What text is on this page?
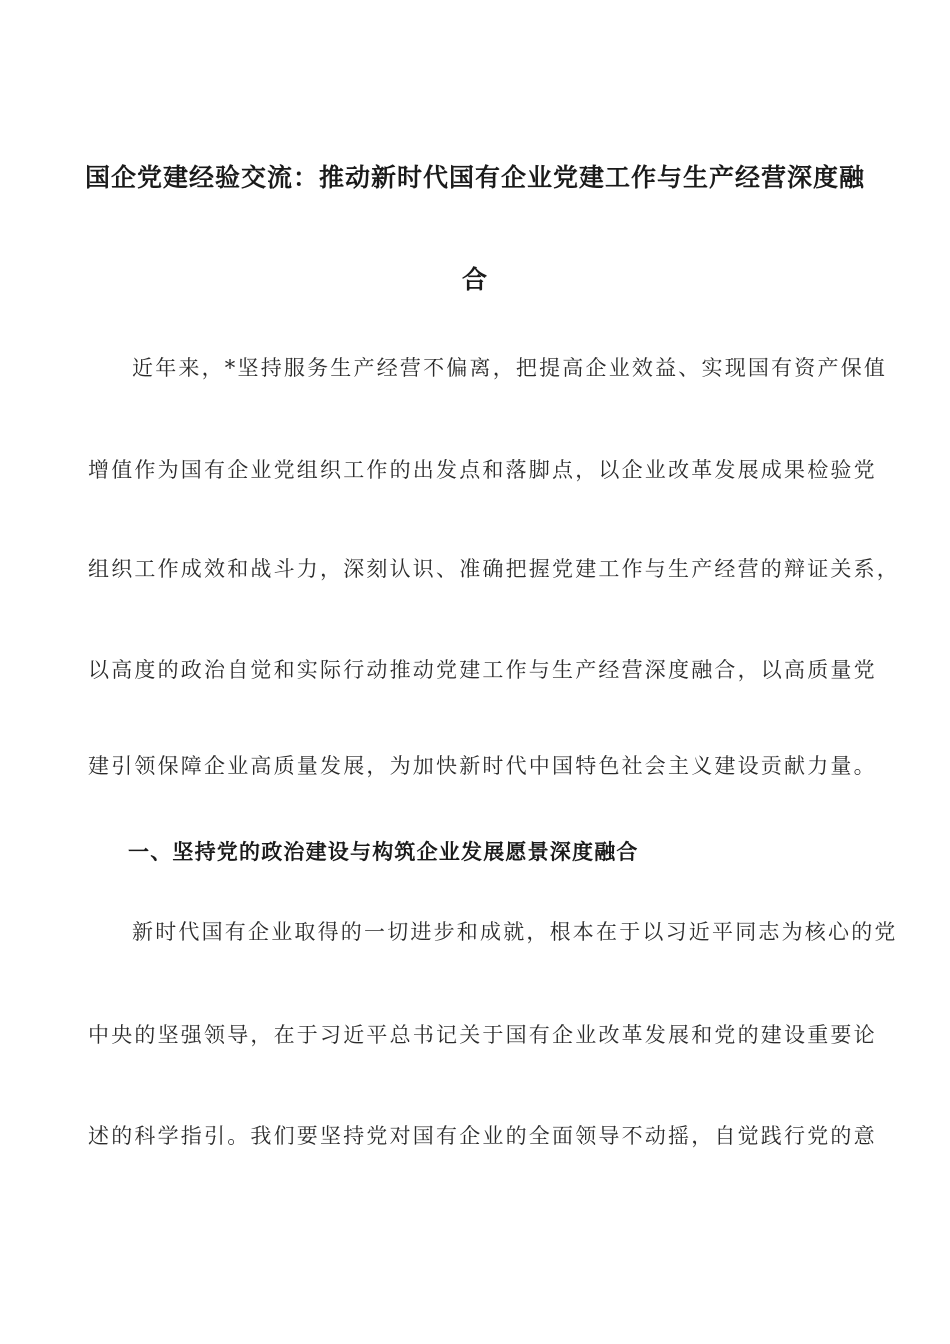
国企党建经验交流：推动新时代国有企业党建工作与生产经营深度融
合
近年来，*坚持服务生产经营不偏离，把提高企业效益、实现国有资产保值
增值作为国有企业党组织工作的出发点和落脚点，以企业改革发展成果检验党
组织工作成效和战斗力，深刻认识、准确把握党建工作与生产经营的辩证关系，
以高度的政治自觉和实际行动推动党建工作与生产经营深度融合，以高质量党
建引领保障企业高质量发展，为加快新时代中国特色社会主义建设贡献力量。
一、坚持党的政治建设与构筑企业发展愿景深度融合
新时代国有企业取得的一切进步和成就，根本在于以习近平同志为核心的党
中央的坚强领导，在于习近平总书记关于国有企业改革发展和党的建设重要论
述的科学指引。我们要坚持党对国有企业的全面领导不动摇，自觉践行党的意
